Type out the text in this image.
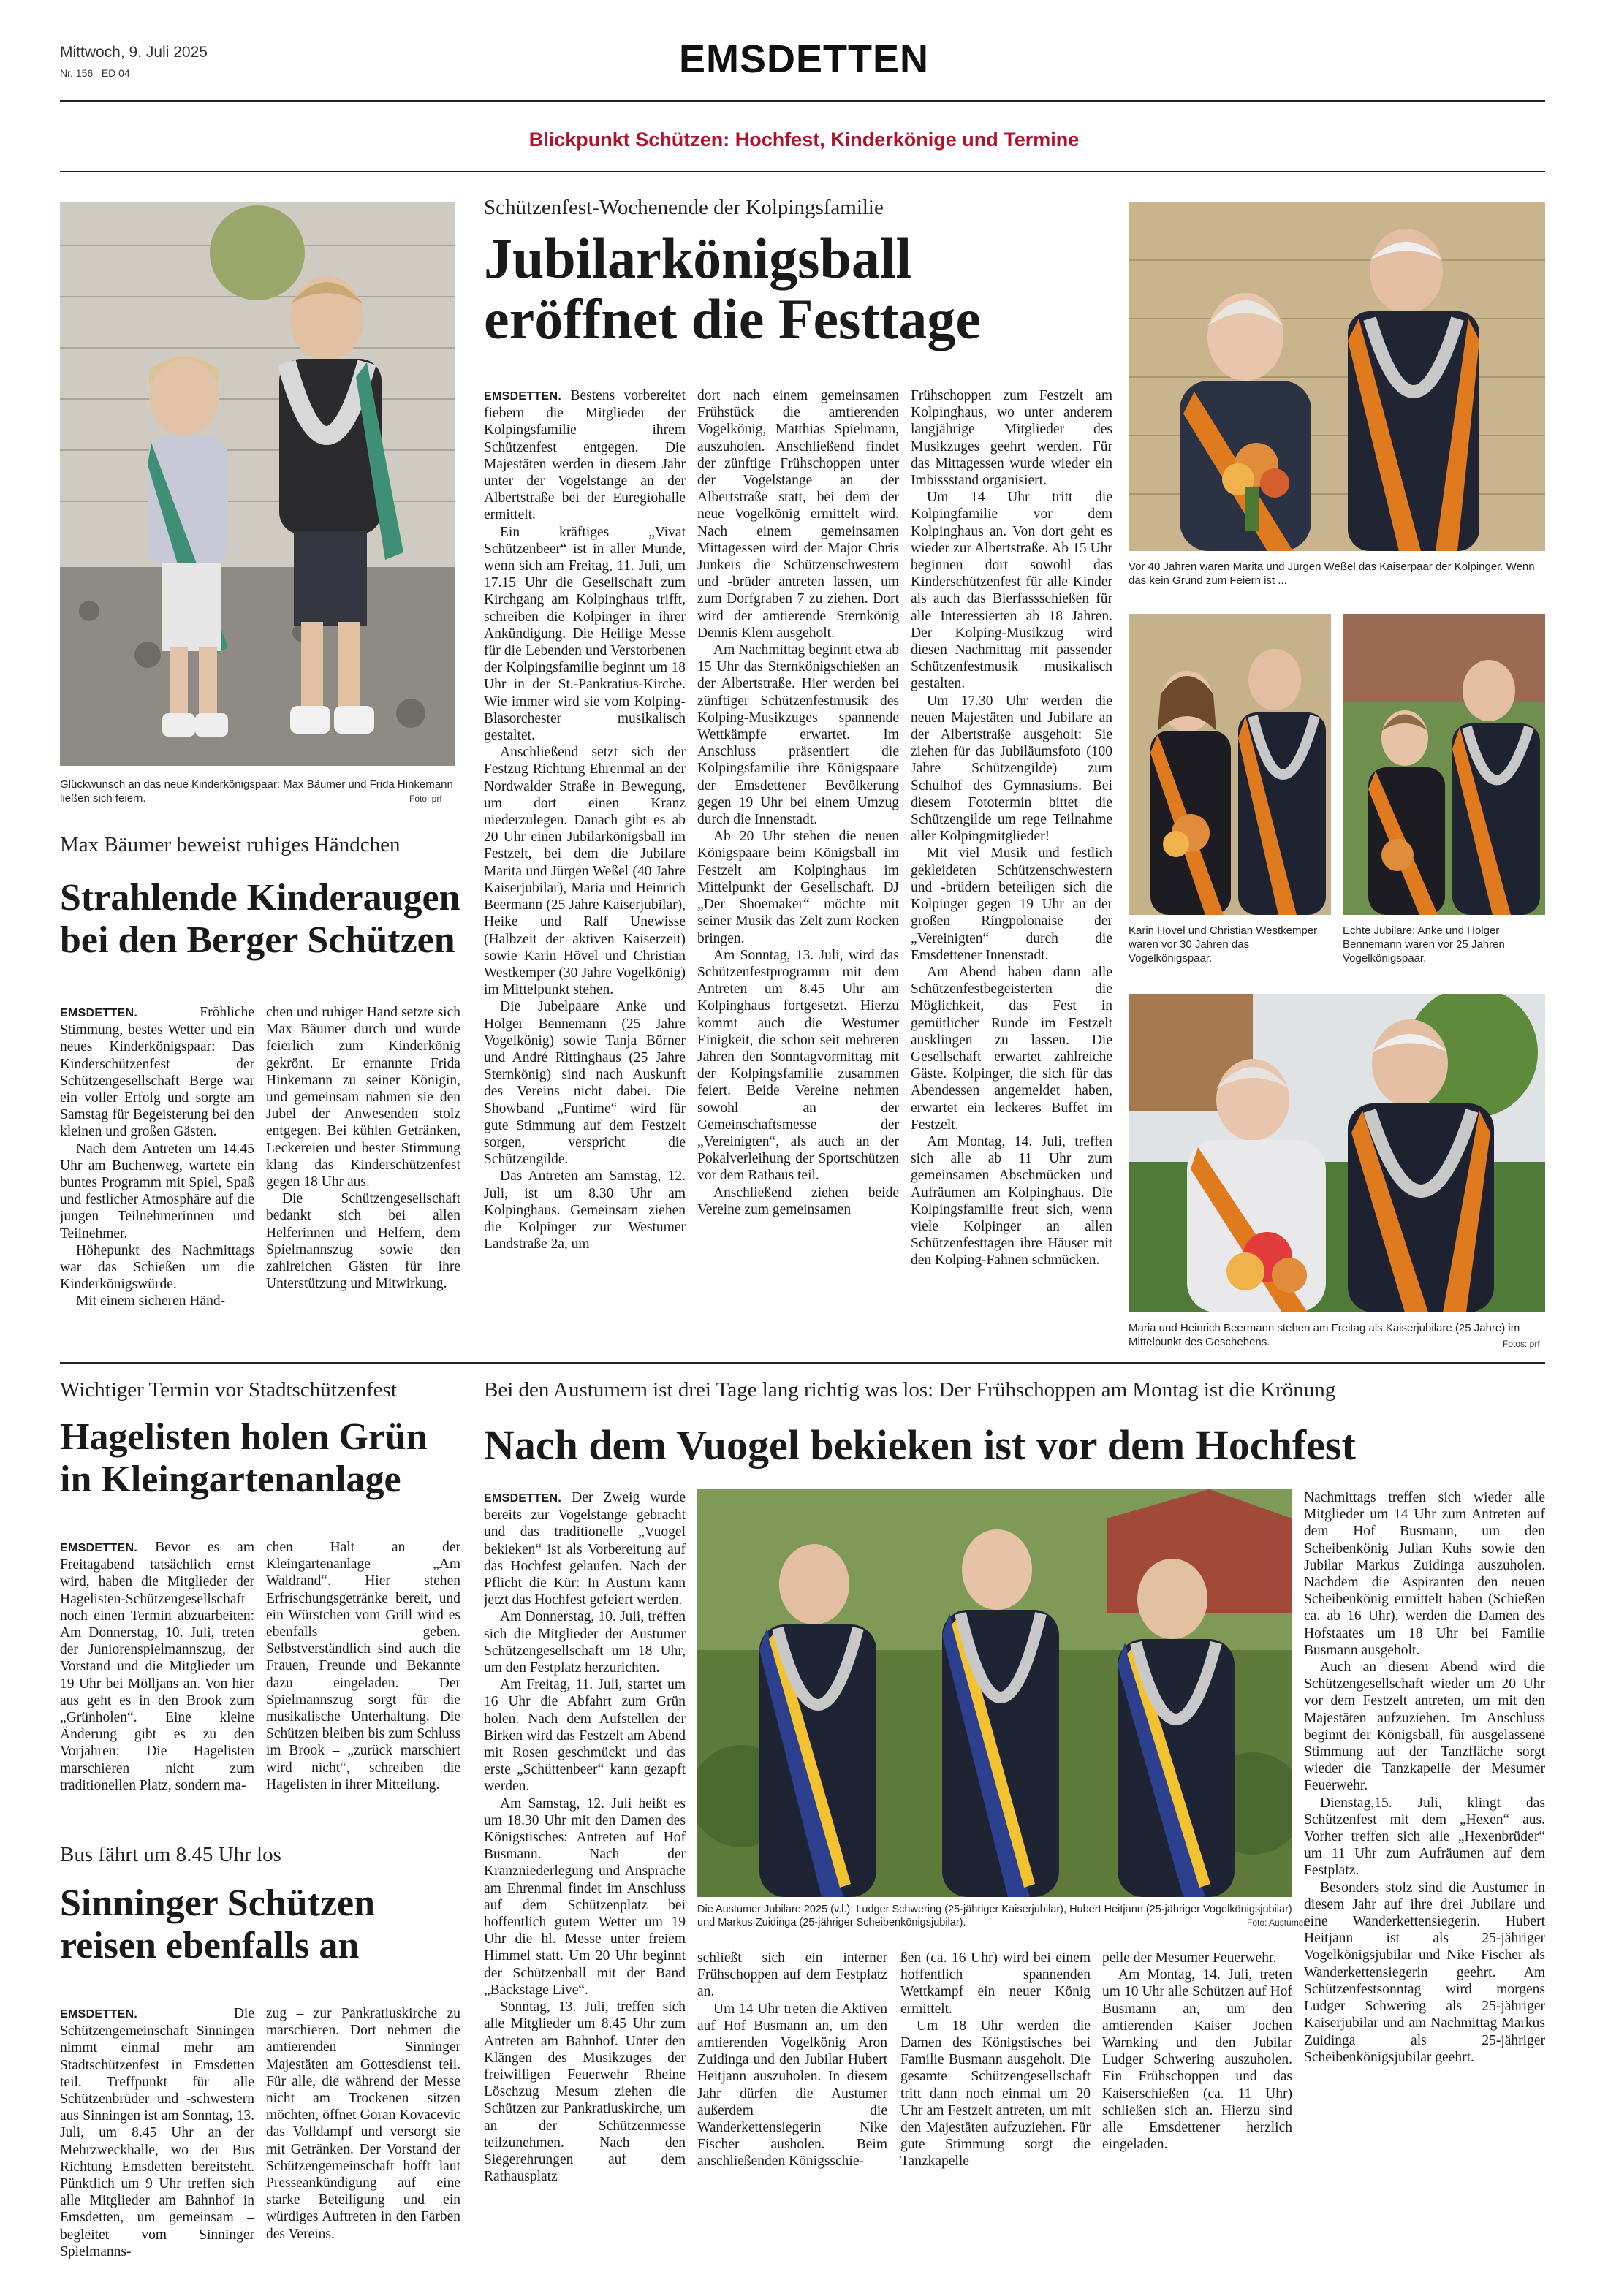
Mittwoch, 9. Juli 2025
Nr. 156 ED 04	EMSDETTEN
Blickpunkt Schützen: Hochfest, Kinderkönige und Termine
Glückwunsch an das neue Kinderkönigspaar: Max Bäumer und Frida Hinkemann ließen sich feiern.	Foto: prf
Max Bäumer beweist ruhiges Händchen
Strahlende Kinderaugen
bei den Berger Schützen

EMSDETTEN.	Fröhliche Stimmung, bestes Wetter und ein neues Kinderkönigspaar: Das Kinderschützenfest der Schützengesellschaft Berge war ein voller Erfolg und sorgte am Samstag für Begeisterung bei den kleinen und großen Gästen.

Nach dem Antreten um 14.45 Uhr am Buchenweg, wartete ein buntes Programm mit Spiel, Spaß und festlicher Atmosphäre auf die jungen Teilnehmerinnen und Teilnehmer.

Höhepunkt des Nachmittags war das Schießen um die Kinderkönigswürde.

Mit einem sicheren Händ-

chen und ruhiger Hand setzte sich Max Bäumer durch und wurde feierlich zum Kinderkönig gekrönt. Er ernannte Frida Hinkemann zu seiner Königin, und gemeinsam nahmen sie den Jubel der Anwesenden stolz entgegen. Bei kühlen Getränken, Leckereien und bester Stimmung klang das Kinderschützenfest gegen 18 Uhr aus.

Die Schützengesellschaft bedankt sich bei allen Helferinnen und Helfern, dem Spielmannszug sowie den zahlreichen Gästen für ihre Unterstützung und Mitwirkung.

Schützenfest-Wochenende der Kolpingsfamilie
Jubilarkönigsball
eröffnet die Festtage

EMSDETTEN. Bestens vorbereitet fiebern die Mitglieder der Kolpingsfamilie ihrem Schützenfest entgegen. Die Majestäten werden in diesem Jahr unter der Vogelstange an der Albertstraße bei der Euregiohalle ermittelt.

Ein kräftiges „Vivat Schützenbeer“ ist in aller Munde, wenn sich am Freitag, 11. Juli, um 17.15 Uhr die Gesellschaft zum Kirchgang am Kolpinghaus trifft, schreiben die Kolpinger in ihrer Ankündigung. Die Heilige Messe für die Lebenden und Verstorbenen der Kolpingsfamilie beginnt um 18 Uhr in der St.-Pankratius-Kirche. Wie immer wird sie vom Kolping-Blasorchester musikalisch gestaltet.

Anschließend setzt sich der Festzug Richtung Ehrenmal an der Nordwalder Straße in Bewegung, um dort einen Kranz niederzulegen. Danach gibt es ab 20 Uhr einen Jubilarkönigsball im Festzelt, bei dem die Jubilare Marita und Jürgen Weßel (40 Jahre Kaiserjubilar), Maria und Heinrich Beermann (25 Jahre Kaiserjubilar), Heike und Ralf Unewisse (Halbzeit der aktiven Kaiserzeit) sowie Karin Hövel und Christian Westkemper (30 Jahre Vogelkönig) im Mittelpunkt stehen.

Die Jubelpaare Anke und Holger Bennemann (25 Jahre Vogelkönig) sowie Tanja Börner und André Rittinghaus (25 Jahre Sternkönig) sind nach Auskunft des Vereins nicht dabei. Die Showband „Funtime“ wird für gute Stimmung auf dem Festzelt sorgen, verspricht die Schützengilde.

Das Antreten am Samstag, 12. Juli, ist um 8.30 Uhr am Kolpinghaus. Gemeinsam ziehen die Kolpinger zur Westumer Landstraße 2a, um

dort nach einem gemeinsamen Frühstück die amtierenden Vogelkönig, Matthias Spielmann, auszuholen. Anschließend findet der zünftige Frühschoppen unter der Vogelstange an der Albertstraße statt, bei dem der neue Vogelkönig ermittelt wird. Nach einem gemeinsamen Mittagessen wird der Major Chris Junkers die Schützenschwestern und -brüder antreten lassen, um zum Dorfgraben 7 zu ziehen. Dort wird der amtierende Sternkönig Dennis Klem ausgeholt.

Am Nachmittag beginnt etwa ab 15 Uhr das Sternkönigschießen an der Albertstraße. Hier werden bei zünftiger Schützenfestmusik des Kolping-Musikzuges spannende Wettkämpfe erwartet. Im Anschluss präsentiert die Kolpingsfamilie ihre Königspaare der Emsdettener Bevölkerung gegen 19 Uhr bei einem Umzug durch die Innenstadt.

Ab 20 Uhr stehen die neuen Königspaare beim Königsball im Festzelt am Kolpinghaus im Mittelpunkt der Gesellschaft. DJ „Der Shoemaker“ möchte mit seiner Musik das Zelt zum Rocken bringen.

Am Sonntag, 13. Juli, wird das Schützenfestprogramm mit dem Antreten um 8.45 Uhr am Kolpinghaus fortgesetzt. Hierzu kommt auch die Westumer Einigkeit, die schon seit mehreren Jahren den Sonntagvormittag mit der Kolpingsfamilie zusammen feiert. Beide Vereine nehmen sowohl an der Gemeinschaftsmesse der „Vereinigten“, als auch an der Pokalverleihung der Sportschützen vor dem Rathaus teil.

Anschließend ziehen beide Vereine zum gemeinsamen

Frühschoppen zum Festzelt am Kolpinghaus, wo unter anderem langjährige Mitglieder des Musikzuges geehrt werden. Für das Mittagessen wurde wieder ein Imbissstand organisiert.

Um 14 Uhr tritt die Kolpingfamilie vor dem Kolpinghaus an. Von dort geht es wieder zur Albertstraße. Ab 15 Uhr beginnen dort sowohl das Kinderschützenfest für alle Kinder als auch das Bierfassschießen für alle Interessierten ab 18 Jahren. Der Kolping-Musikzug wird diesen Nachmittag mit passender Schützenfestmusik musikalisch gestalten.

Um 17.30 Uhr werden die neuen Majestäten und Jubilare an der Albertstraße ausgeholt: Sie ziehen für das Jubiläumsfoto (100 Jahre Schützengilde) zum Schulhof des Gymnasiums. Bei diesem Fototermin bittet die Schützengilde um rege Teilnahme aller Kolpingmitglieder!

Mit viel Musik und festlich gekleideten Schützenschwestern und -brüdern beteiligen sich die Kolpinger gegen 19 Uhr an der großen Ringpolonaise der „Vereinigten“ durch die Emsdettener Innenstadt.

Am Abend haben dann alle Schützenfestbegeisterten die Möglichkeit, das Fest in gemütlicher Runde im Festzelt ausklingen zu lassen. Die Gesellschaft erwartet zahlreiche Gäste. Kolpinger, die sich für das Abendessen angemeldet haben, erwartet ein leckeres Buffet im Festzelt.

Am Montag, 14. Juli, treffen sich alle ab 11 Uhr zum gemeinsamen Abschmücken und Aufräumen am Kolpinghaus. Die Kolpingsfamilie freut sich, wenn viele Kolpinger an allen Schützenfesttagen ihre Häuser mit den Kolping-Fahnen schmücken.

Vor 40 Jahren waren Marita und Jürgen Weßel das Kaiserpaar der Kolpinger. Wenn das kein Grund zum Feiern ist ...
Karin Hövel und Christian Westkemper waren vor 30 Jahren das Vogelkönigspaar.
Echte Jubilare: Anke und Holger Bennemann waren vor 25 Jahren Vogelkönigspaar.
Maria und Heinrich Beermann stehen am Freitag als Kaiserjubilare (25 Jahre) im Mittelpunkt des Geschehens.	Fotos: prf
Wichtiger Termin vor Stadtschützenfest
Hagelisten holen Grün
in Kleingartenanlage

EMSDETTEN. Bevor es am Freitagabend tatsächlich ernst wird, haben die Mitglieder der Hagelisten-Schützengesellschaft noch einen Termin abzuarbeiten: Am Donnerstag, 10. Juli, treten der Juniorenspielmannszug, der Vorstand und die Mitglieder um 19 Uhr bei Mölljans an. Von hier aus geht es in den Brook zum „Grünholen“. Eine kleine Änderung gibt es zu den Vorjahren: Die Hagelisten marschieren nicht zum traditionellen Platz, sondern ma-

chen Halt an der Kleingartenanlage „Am Waldrand“. Hier stehen Erfrischungsgetränke bereit, und ein Würstchen vom Grill wird es ebenfalls geben. Selbstverständlich sind auch die Frauen, Freunde und Bekannte dazu eingeladen. Der Spielmannszug sorgt für die musikalische Unterhaltung. Die Schützen bleiben bis zum Schluss im Brook – „zurück marschiert wird nicht“, schreiben die Hagelisten in ihrer Mitteilung.

Bus fährt um 8.45 Uhr los
Sinninger Schützen
reisen ebenfalls an

EMSDETTEN.	Die Schützengemeinschaft Sinningen nimmt einmal mehr am Stadtschützenfest in Emsdetten teil. Treffpunkt für alle Schützenbrüder und -schwestern aus Sinningen ist am Sonntag, 13. Juli, um 8.45 Uhr an der Mehrzweckhalle, wo der Bus Richtung Emsdetten bereitsteht. Pünktlich um 9 Uhr treffen sich alle Mitglieder am Bahnhof in Emsdetten, um gemeinsam – begleitet vom Sinninger Spielmanns-

zug – zur Pankratiuskirche zu marschieren. Dort nehmen die amtierenden Sinninger Majestäten am Gottesdienst teil. Für alle, die während der Messe nicht am Trockenen sitzen möchten, öffnet Goran Kovacevic das Volldampf und versorgt sie mit Getränken. Der Vorstand der Schützengemeinschaft hofft laut Presseankündigung auf eine starke Beteiligung und ein würdiges Auftreten in den Farben des Vereins.

Bei den Austumern ist drei Tage lang richtig was los: Der Frühschoppen am Montag ist die Krönung
Nach dem Vuogel bekieken ist vor dem Hochfest

EMSDETTEN. Der Zweig wurde bereits zur Vogelstange gebracht und das traditionelle „Vuogel bekieken“ ist als Vorbereitung auf das Hochfest gelaufen. Nach der Pflicht die Kür: In Austum kann jetzt das Hochfest gefeiert werden.

Am Donnerstag, 10. Juli, treffen sich die Mitglieder der Austumer Schützengesellschaft um 18 Uhr, um den Festplatz herzurichten.

Am Freitag, 11. Juli, startet um 16 Uhr die Abfahrt zum Grün holen. Nach dem Aufstellen der Birken wird das Festzelt am Abend mit Rosen geschmückt und das erste „Schüttenbeer“ kann gezapft werden.

Am Samstag, 12. Juli heißt es um 18.30 Uhr mit den Damen des Königstisches: Antreten auf Hof Busmann. Nach der Kranzniederlegung und Ansprache am Ehrenmal findet im Anschluss auf dem Schützenplatz bei hoffentlich gutem Wetter um 19 Uhr die hl. Messe unter freiem Himmel statt. Um 20 Uhr beginnt der Schützenball mit der Band „Backstage Live“.

Sonntag, 13. Juli, treffen sich alle Mitglieder um 8.45 Uhr zum Antreten am Bahnhof. Unter den Klängen des Musikzuges der freiwilligen Feuerwehr Rheine Löschzug Mesum ziehen die Schützen zur Pankratiuskirche, um an der Schützenmesse teilzunehmen. Nach den Siegerehrungen auf dem Rathausplatz

Die Austumer Jubilare 2025 (v.l.): Ludger Schwering (25-jähriger Kaiserjubilar), Hubert Heitjann (25-jähriger Vogelkönigsjubilar) und Markus Zuidinga (25-jähriger Scheibenkönigsjubilar).	Foto: Austumer

schließt sich ein interner Frühschoppen auf dem Festplatz an.

Um 14 Uhr treten die Aktiven auf Hof Busmann an, um den amtierenden Vogelkönig Aron Zuidinga und den Jubilar Hubert Heitjann auszuholen. In diesem Jahr dürfen die Austumer außerdem die Wanderkettensiegerin Nike Fischer ausholen. Beim anschließenden Königsschie-

ßen (ca. 16 Uhr) wird bei einem hoffentlich spannenden Wettkampf ein neuer König ermittelt.

Um 18 Uhr werden die Damen des Königstisches bei Familie Busmann ausgeholt. Die gesamte Schützengesellschaft tritt dann noch einmal um 20 Uhr am Festzelt antreten, um mit den Majestäten aufzuziehen. Für gute Stimmung sorgt die Tanzkapelle

pelle der Mesumer Feuerwehr.

Am Montag, 14. Juli, treten um 10 Uhr alle Schützen auf Hof Busmann an, um den amtierenden Kaiser Jochen Warnking und den Jubilar Ludger Schwering auszuholen. Ein Frühschoppen und das Kaiserschießen (ca. 11 Uhr) schließen sich an. Hierzu sind alle Emsdettener herzlich eingeladen.

Nachmittags treffen sich wieder alle Mitglieder um 14 Uhr zum Antreten auf dem Hof Busmann, um den Scheibenkönig Julian Kuhs sowie den Jubilar Markus Zuidinga auszuholen. Nachdem die Aspiranten den neuen Scheibenkönig ermittelt haben (Schießen ca. ab 16 Uhr), werden die Damen des Hofstaates um 18 Uhr bei Familie Busmann ausgeholt.

Auch an diesem Abend wird die Schützengesellschaft wieder um 20 Uhr vor dem Festzelt antreten, um mit den Majestäten aufzuziehen. Im Anschluss beginnt der Königsball, für ausgelassene Stimmung auf der Tanzfläche sorgt wieder die Tanzkapelle der Mesumer Feuerwehr.

Dienstag,15. Juli, klingt das Schützenfest mit dem „Hexen“ aus. Vorher treffen sich alle „Hexenbrüder“ um 11 Uhr zum Aufräumen auf dem Festplatz.

Besonders stolz sind die Austumer in diesem Jahr auf ihre drei Jubilare und eine Wanderkettensiegerin. Hubert Heitjann ist als 25-jähriger Vogelkönigsjubilar und Nike Fischer als Wanderkettensiegerin geehrt. Am Schützenfestsonntag wird morgens Ludger Schwering als 25-jähriger Kaiserjubilar und am Nachmittag Markus Zuidinga als 25-jähriger Scheibenkönigsjubilar geehrt.
